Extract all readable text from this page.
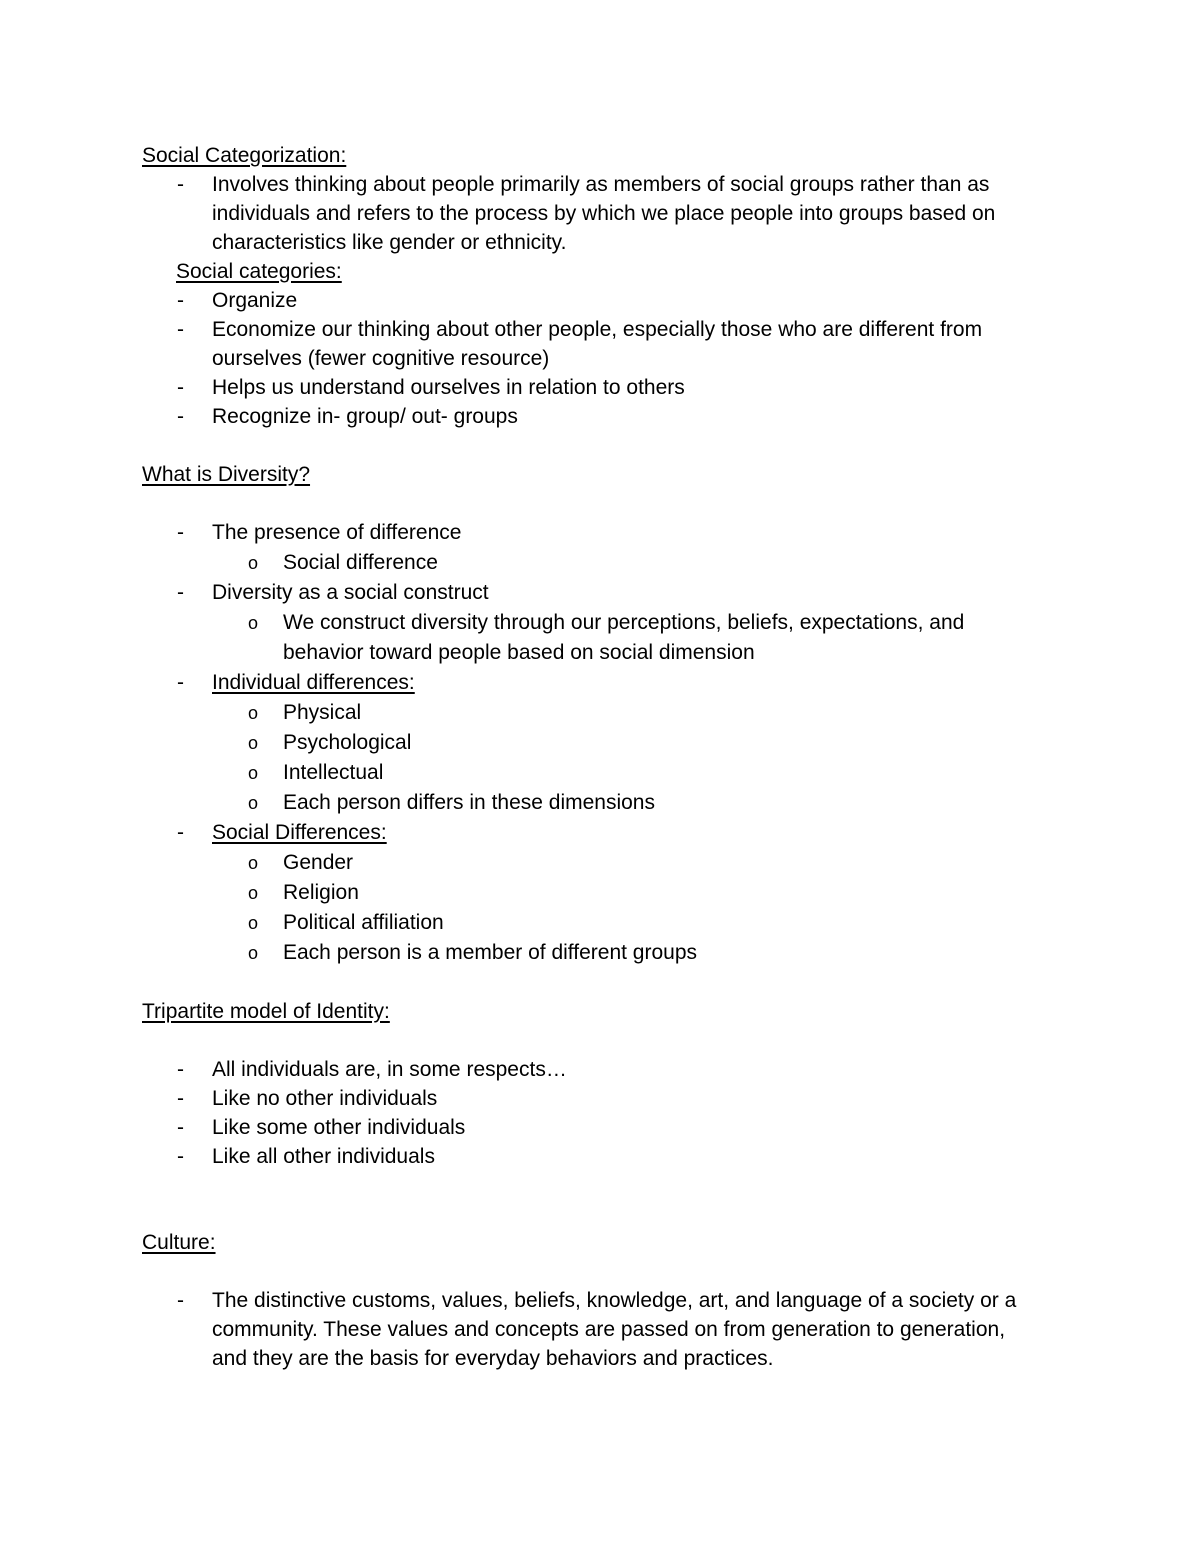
Social Categorization:
-	Involves thinking about people primarily as members of social groups rather than as individuals and refers to the process by which we place people into groups based on characteristics like gender or ethnicity.
Social categories:
-	Organize
-	Economize our thinking about other people, especially those who are different from ourselves (fewer cognitive resource)
-	Helps us understand ourselves in relation to others
-	Recognize in- group/ out- groups
What is Diversity?
-	The presence of difference
o Social difference
-	Diversity as a social construct
o We construct diversity through our perceptions, beliefs, expectations, and behavior toward people based on social dimension
-	Individual differences:
o Physical
o Psychological
o Intellectual
o Each person differs in these dimensions
-	Social Differences:
o Gender
o Religion
o Political affiliation
o Each person is a member of different groups
Tripartite model of Identity:
-	All individuals are, in some respects…
-	Like no other individuals
-	Like some other individuals
-	Like all other individuals
Culture:
-	The distinctive customs, values, beliefs, knowledge, art, and language of a society or a community. These values and concepts are passed on from generation to generation, and they are the basis for everyday behaviors and practices.
